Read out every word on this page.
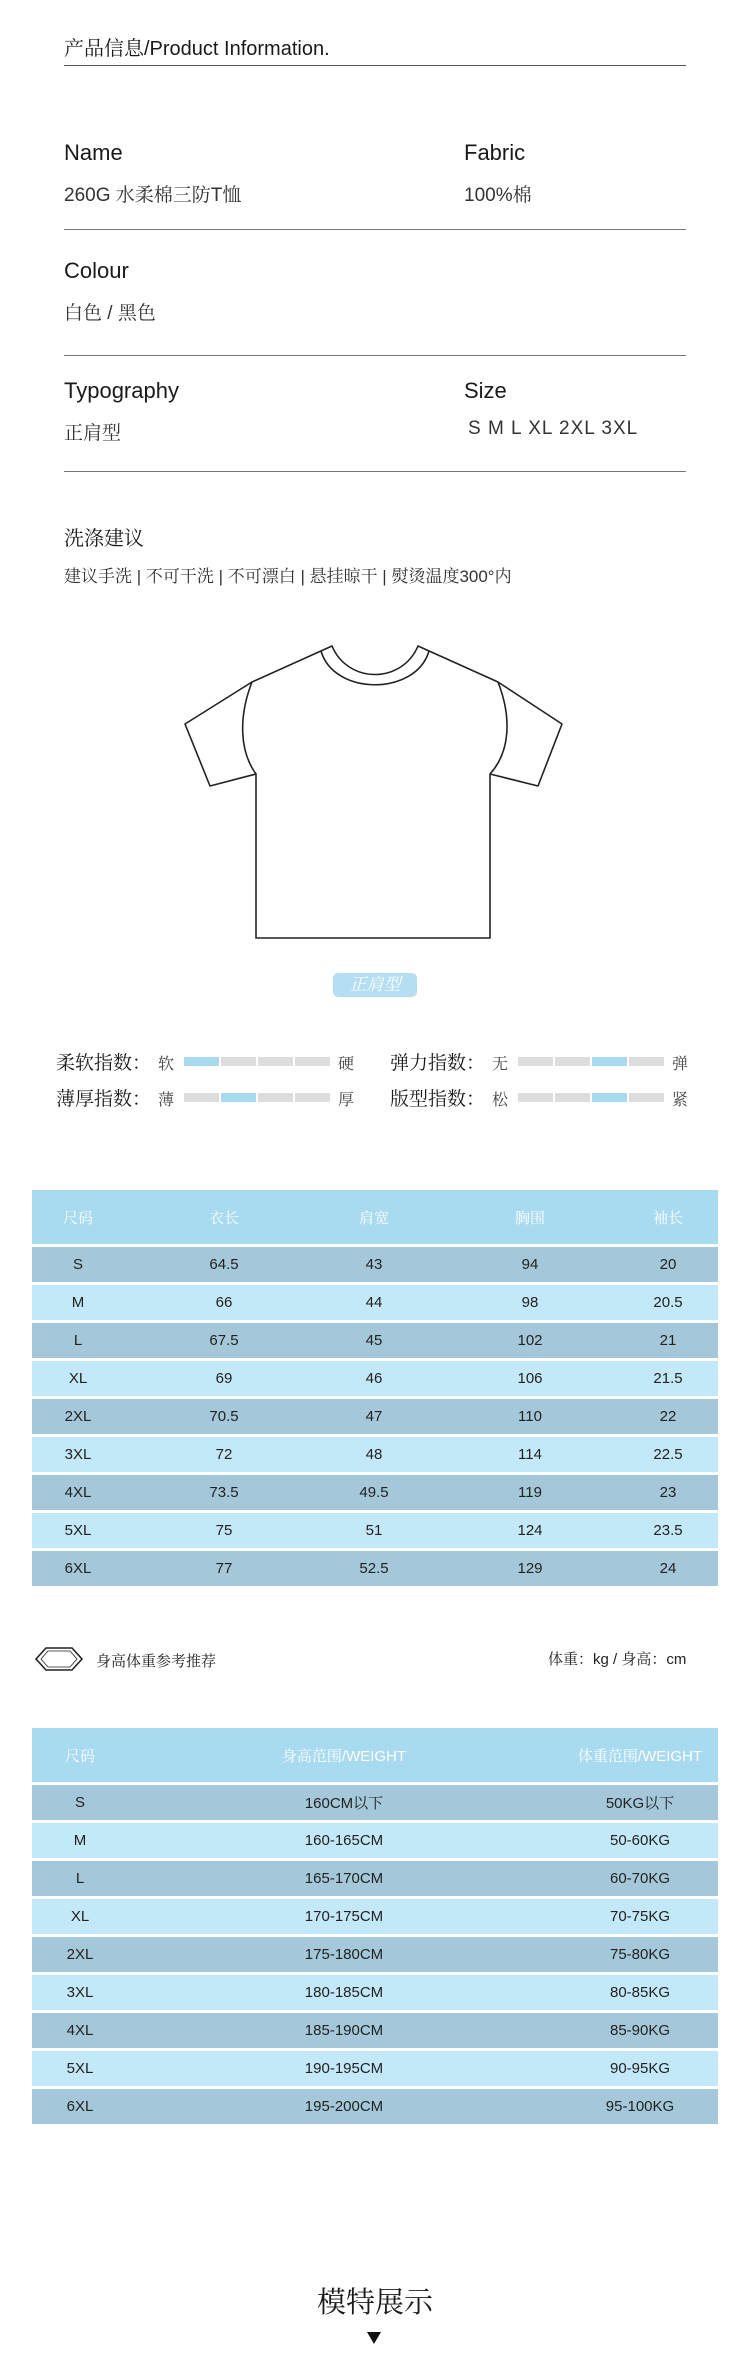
产品信息/Product Information.
Name
260G 水柔棉三防T恤
Fabric
100%棉
Colour
白色 / 黑色
Typography
正肩型
Size
S M L XL 2XL 3XL
洗涤建议
建议手洗 | 不可干洗 | 不可漂白 | 悬挂晾干 | 熨烫温度300°内
正肩型
柔软指数： 软	硬 弹力指数： 无	弹
薄厚指数： 薄	厚 版型指数： 松	紧
尺码	衣长	肩宽	胸围	袖长
S	64.5	43	94	20
M	66	44	98	20.5
L	67.5	45	102	21
XL	69	46	106	21.5
2XL	70.5	47	110	22
3XL	72	48	114	22.5
4XL	73.5	49.5	119	23
5XL	75	51	124	23.5
6XL	77	52.5	129	24
身高体重参考推荐	体重：kg / 身高：cm
尺码	身高范围/WEIGHT	体重范围/WEIGHT
S	160CM以下	50KG以下
M	160-165CM	50-60KG
L	165-170CM	60-70KG
XL	170-175CM	70-75KG
2XL	175-180CM	75-80KG
3XL	180-185CM	80-85KG
4XL	185-190CM	85-90KG
5XL	190-195CM	90-95KG
6XL	195-200CM	95-100KG
模特展示
